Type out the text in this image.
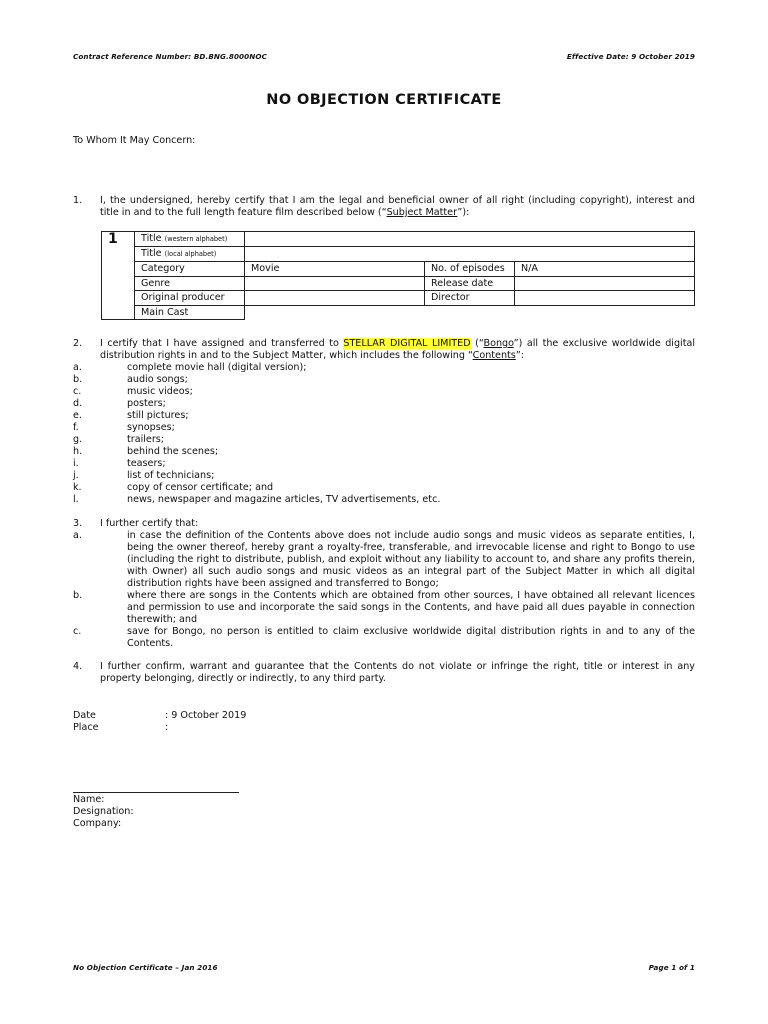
Contract Reference Number: BD.BNG.8000NOC	Effective Date: 9 October 2019
NO OBJECTION CERTIFICATE
To Whom It May Concern:
1. I, the undersigned, hereby certify that I am the legal and beneficial owner of all right (including copyright), interest and title in and to the full length feature film described below (“Subject Matter”):
1	Title (western alphabet)			
	Title (local alphabet)			
	Category	Movie	No. of episodes	N/A
	Genre		Release date	
	Original producer		Director	
	Main Cast			
2. I certify that I have assigned and transferred to STELLAR DIGITAL LIMITED (“Bongo”) all the exclusive worldwide digital distribution rights in and to the Subject Matter, which includes the following “Contents”:
a.	complete movie hall (digital version);
b.	audio songs;
c.	music videos;
d.	posters;
e.	still pictures;
f.	synopses;
g.	trailers;
h.	behind the scenes;
i.	teasers;
j.	list of technicians;
k.	copy of censor certificate; and
l.	news, newspaper and magazine articles, TV advertisements, etc.
3. I further certify that:
a.	in case the definition of the Contents above does not include audio songs and music videos as separate entities, I, being the owner thereof, hereby grant a royalty-free, transferable, and irrevocable license and right to Bongo to use (including the right to distribute, publish, and exploit without any liability to account to, and share any profits therein, with Owner) all such audio songs and music videos as an integral part of the Subject Matter in which all digital distribution rights have been assigned and transferred to Bongo;
b.	where there are songs in the Contents which are obtained from other sources, I have obtained all relevant licences and permission to use and incorporate the said songs in the Contents, and have paid all dues payable in connection therewith; and
c.	save for Bongo, no person is entitled to claim exclusive worldwide digital distribution rights in and to any of the Contents.
4. I further confirm, warrant and guarantee that the Contents do not violate or infringe the right, title or interest in any property belonging, directly or indirectly, to any third party.
Date	: 9 October 2019
Place	:
Name:
Designation:
Company:
No Objection Certificate – Jan 2016	Page 1 of 1
